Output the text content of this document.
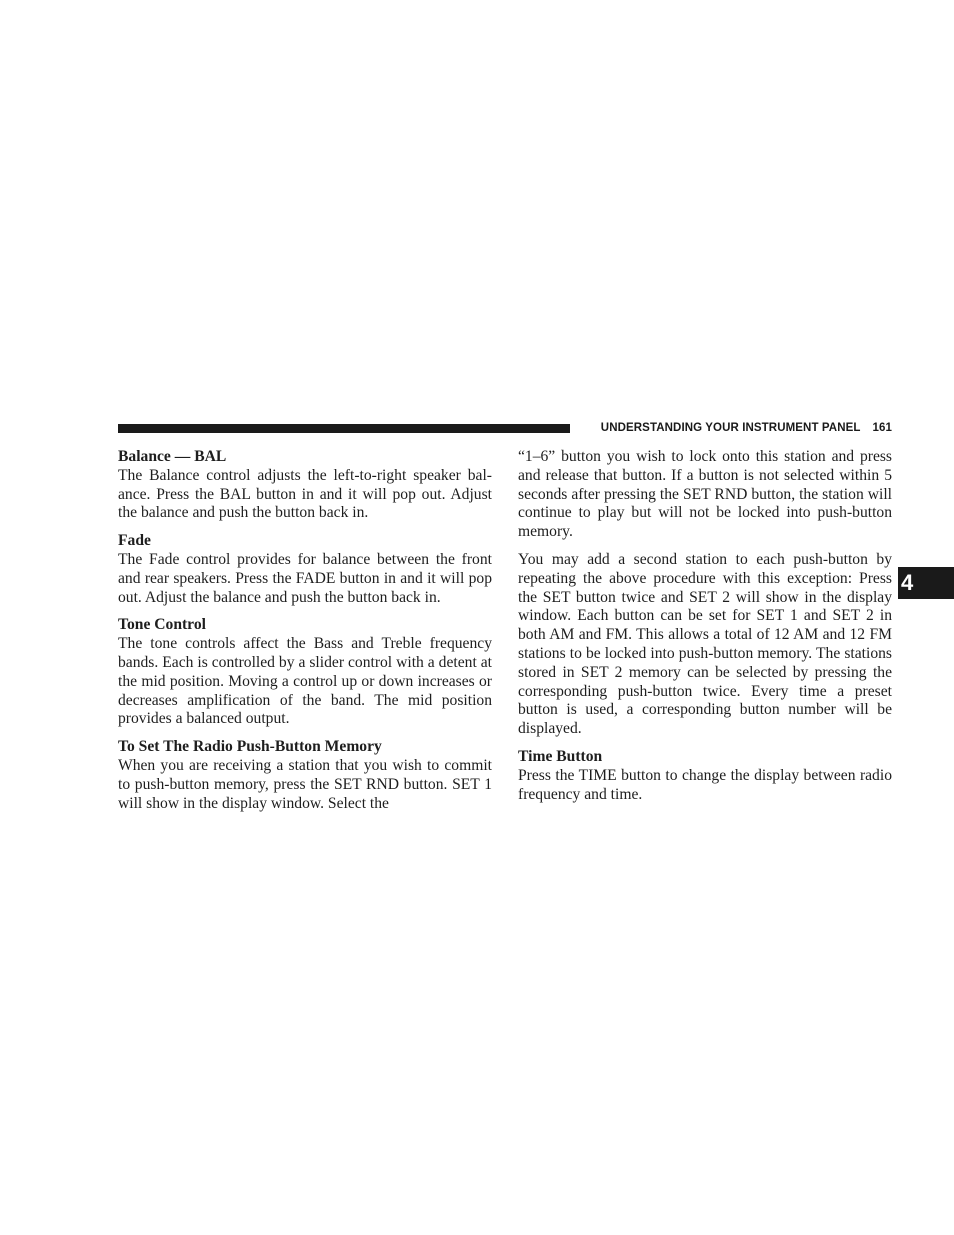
UNDERSTANDING YOUR INSTRUMENT PANEL 161
4
Balance — BAL

The Balance control adjusts the left-to-right speaker bal-ance. Press the BAL button in and it will pop out. Adjust the balance and push the button back in.

Fade

The Fade control provides for balance between the front and rear speakers. Press the FADE button in and it will pop out. Adjust the balance and push the button back in.

Tone Control

The tone controls affect the Bass and Treble frequency bands. Each is controlled by a slider control with a detent at the mid position. Moving a control up or down increases or decreases amplification of the band. The mid position provides a balanced output.

To Set The Radio Push-Button Memory

When you are receiving a station that you wish to commit to push-button memory, press the SET RND button. SET 1 will show in the display window. Select the

“1–6” button you wish to lock onto this station and press and release that button. If a button is not selected within 5 seconds after pressing the SET RND button, the station will continue to play but will not be locked into push-button memory.

You may add a second station to each push-button by repeating the above procedure with this exception: Press the SET button twice and SET 2 will show in the display window. Each button can be set for SET 1 and SET 2 in both AM and FM. This allows a total of 12 AM and 12 FM stations to be locked into push-button memory. The stations stored in SET 2 memory can be selected by pressing the corresponding push-button twice. Every time a preset button is used, a corresponding button number will be displayed.

Time Button

Press the TIME button to change the display between radio frequency and time.
